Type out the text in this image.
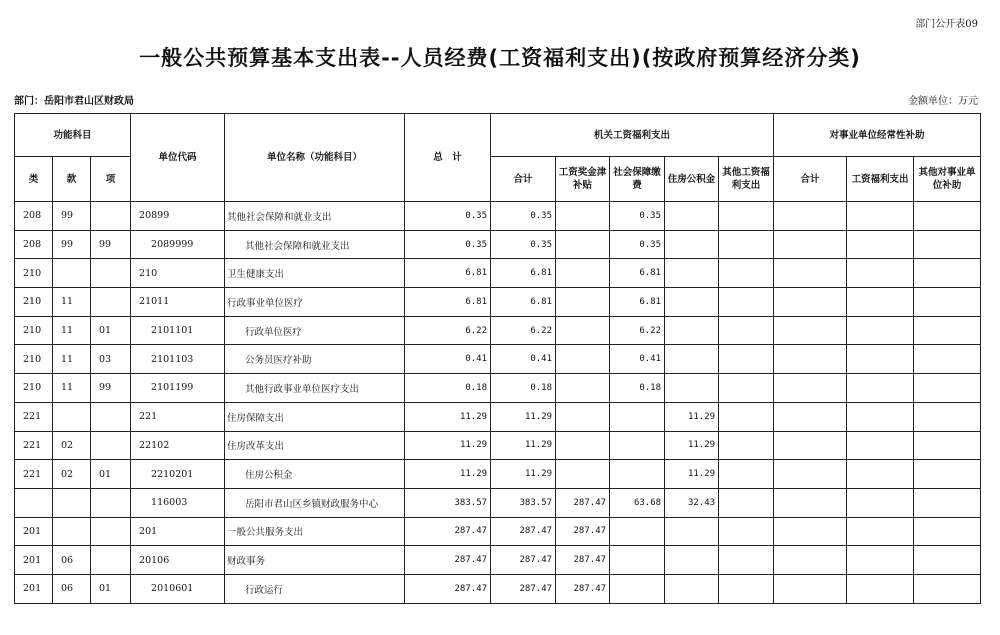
部门公开表09
一般公共预算基本支出表--人员经费(工资福利支出)(按政府预算经济分类)
部门：岳阳市君山区财政局	金额单位：万元
功能科目			单位代码	单位名称（功能科目）	总　计	机关工资福利支出					对事业单位经常性补助		
类	款	项				合计	工资奖金津补贴	社会保障缴费	住房公积金	其他工资福利支出	合计	工资福利支出	其他对事业单位补助
208	99		20899	其他社会保障和就业支出	0.35	0.35		0.35					
208	99	99	2089999	其他社会保障和就业支出	0.35	0.35		0.35					
210			210	卫生健康支出	6.81	6.81		6.81					
210	11		21011	行政事业单位医疗	6.81	6.81		6.81					
210	11	01	2101101	行政单位医疗	6.22	6.22		6.22					
210	11	03	2101103	公务员医疗补助	0.41	0.41		0.41					
210	11	99	2101199	其他行政事业单位医疗支出	0.18	0.18		0.18					
221			221	住房保障支出	11.29	11.29			11.29				
221	02		22102	住房改革支出	11.29	11.29			11.29				
221	02	01	2210201	住房公积金	11.29	11.29			11.29				
			116003	岳阳市君山区乡镇财政服务中心	383.57	383.57	287.47	63.68	32.43				
201			201	一般公共服务支出	287.47	287.47	287.47						
201	06		20106	财政事务	287.47	287.47	287.47						
201	06	01	2010601	行政运行	287.47	287.47	287.47						
